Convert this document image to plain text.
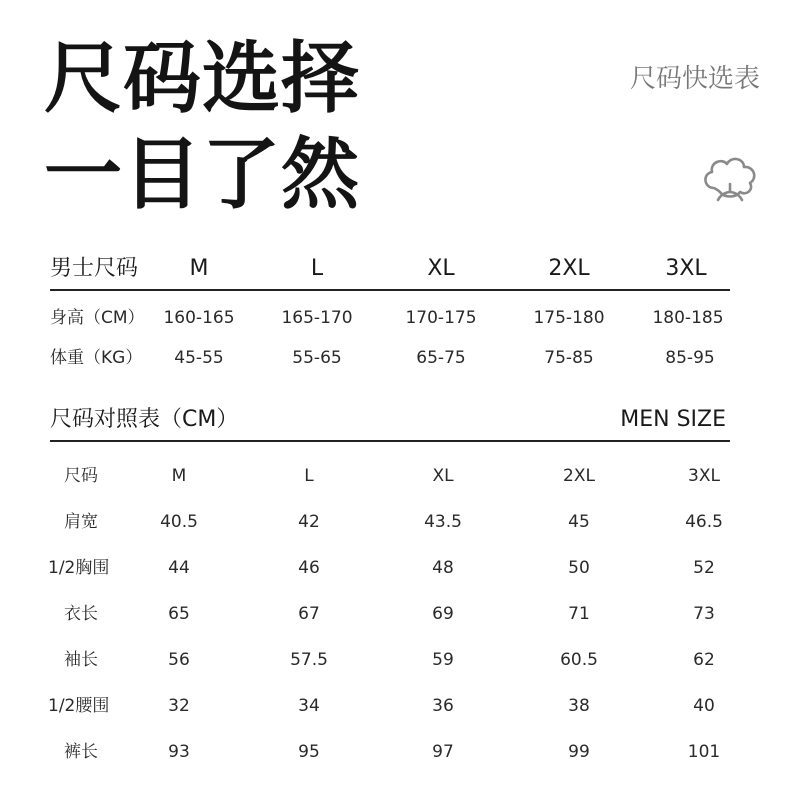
尺码选择
一目了然
尺码快选表
男士尺码 M	L	XL	2XL	3XL
身高（CM） 160-165	165-170	170-175	175-180	180-185
体重（KG） 45-55	55-65	65-75	75-85	85-95
尺码对照表（CM）	MEN SIZE
尺码	M	L	XL	2XL	3XL
肩宽	40.5	42	43.5	45	46.5
1/2胸围	44	46	48	50	52
衣长	65	67	69	71	73
袖长	56	57.5	59	60.5	62
1/2腰围	32	34	36	38	40
裤长	93	95	97	99	101
